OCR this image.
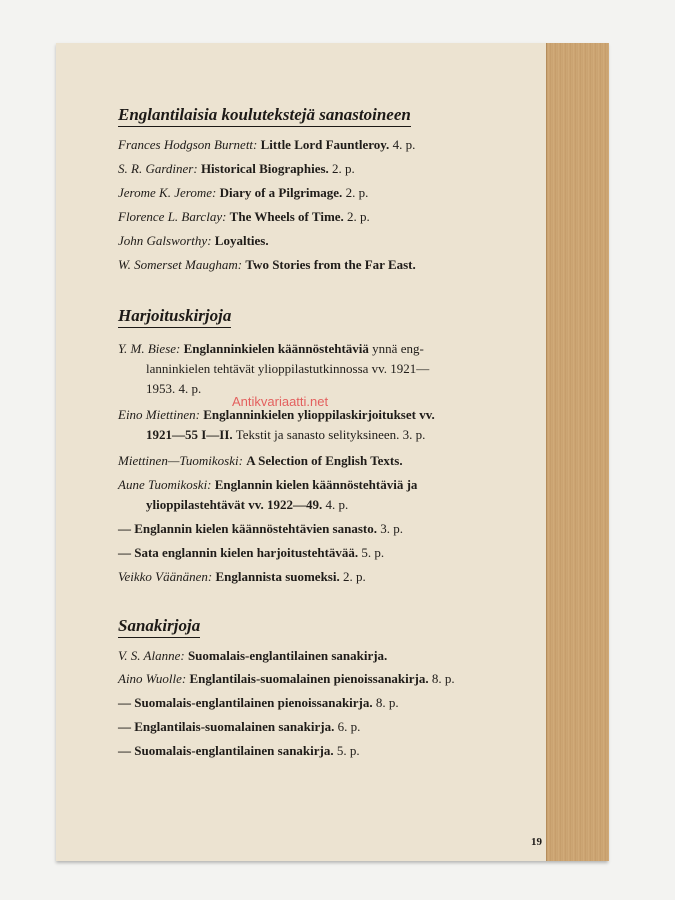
Englantilaisia koulutekstejä sanastoineen
Frances Hodgson Burnett: Little Lord Fauntleroy. 4. p.
S. R. Gardiner: Historical Biographies. 2. p.
Jerome K. Jerome: Diary of a Pilgrimage. 2. p.
Florence L. Barclay: The Wheels of Time. 2. p.
John Galsworthy: Loyalties.
W. Somerset Maugham: Two Stories from the Far East.
Harjoituskirjoja
Y. M. Biese: Englanninkielen käännöstehtäviä ynnä eng-
lanninkielen tehtävät ylioppilastutkinnossa vv. 1921—
1953. 4. p.
Eino Miettinen: Englanninkielen ylioppilaskirjoitukset vv.
1921—55 I—II. Tekstit ja sanasto selityksineen. 3. p.
Miettinen—Tuomikoski: A Selection of English Texts.
Aune Tuomikoski: Englannin kielen käännöstehtäviä ja
ylioppilastehtävät vv. 1922—49. 4. p.
— Englannin kielen käännöstehtävien sanasto. 3. p.
— Sata englannin kielen harjoitustehtävää. 5. p.
Veikko Väänänen: Englannista suomeksi. 2. p.
Sanakirjoja
V. S. Alanne: Suomalais-englantilainen sanakirja.
Aino Wuolle: Englantilais-suomalainen pienoissanakirja. 8. p.
— Suomalais-englantilainen pienoissanakirja. 8. p.
— Englantilais-suomalainen sanakirja. 6. p.
— Suomalais-englantilainen sanakirja. 5. p.
19
Antikvariaatti.net
